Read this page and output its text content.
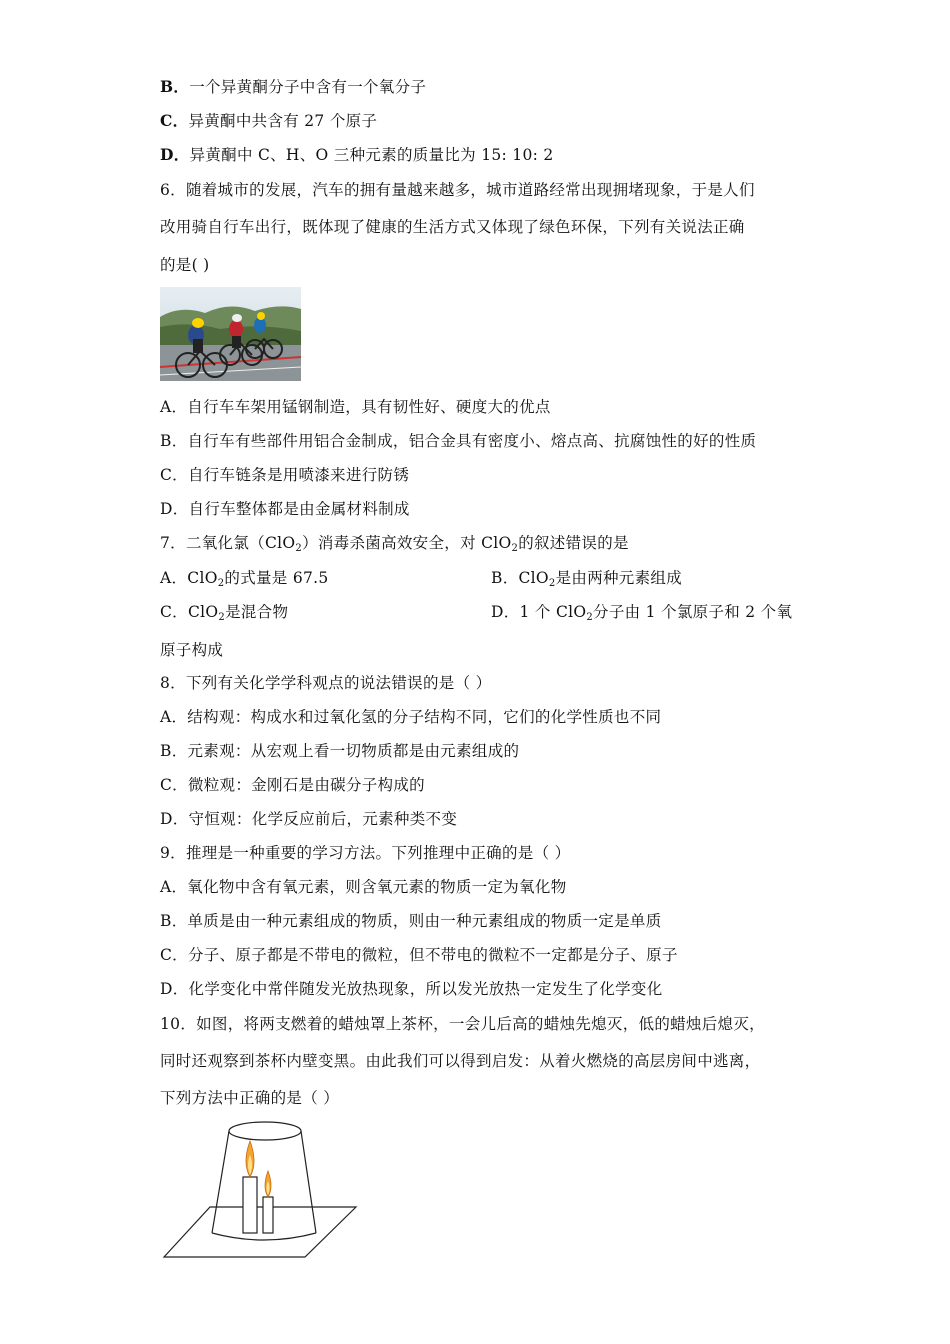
B．一个异黄酮分子中含有一个氧分子
C．异黄酮中共含有 27 个原子
D．异黄酮中 C、H、O 三种元素的质量比为 15: 10: 2
6．随着城市的发展，汽车的拥有量越来越多，城市道路经常出现拥堵现象，于是人们
改用骑自行车出行，既体现了健康的生活方式又体现了绿色环保，下列有关说法正确
的是( )
A．自行车车架用锰钢制造，具有韧性好、硬度大的优点
B．自行车有些部件用铝合金制成，铝合金具有密度小、熔点高、抗腐蚀性的好的性质
C．自行车链条是用喷漆来进行防锈
D．自行车整体都是由金属材料制成
7．二氧化氯（ClO$_2$）消毒杀菌高效安全，对 ClO$_2$的叙述错误的是
A．ClO$_2$的式量是 67.5	B．ClO$_2$是由两种元素组成
C．ClO$_2$是混合物	D．1 个 ClO$_2$分子由 1 个氯原子和 2 个氧
原子构成
8．下列有关化学学科观点的说法错误的是（ ）
A．结构观：构成水和过氧化氢的分子结构不同，它们的化学性质也不同
B．元素观：从宏观上看一切物质都是由元素组成的
C．微粒观：金刚石是由碳分子构成的
D．守恒观：化学反应前后，元素种类不变
9．推理是一种重要的学习方法。下列推理中正确的是（ ）
A．氧化物中含有氧元素，则含氧元素的物质一定为氧化物
B．单质是由一种元素组成的物质，则由一种元素组成的物质一定是单质
C．分子、原子都是不带电的微粒，但不带电的微粒不一定都是分子、原子
D．化学变化中常伴随发光放热现象，所以发光放热一定发生了化学变化
10．如图，将两支燃着的蜡烛罩上茶杯，一会儿后高的蜡烛先熄灭，低的蜡烛后熄灭，
同时还观察到茶杯内壁变黑。由此我们可以得到启发：从着火燃烧的高层房间中逃离，
下列方法中正确的是（ ）
